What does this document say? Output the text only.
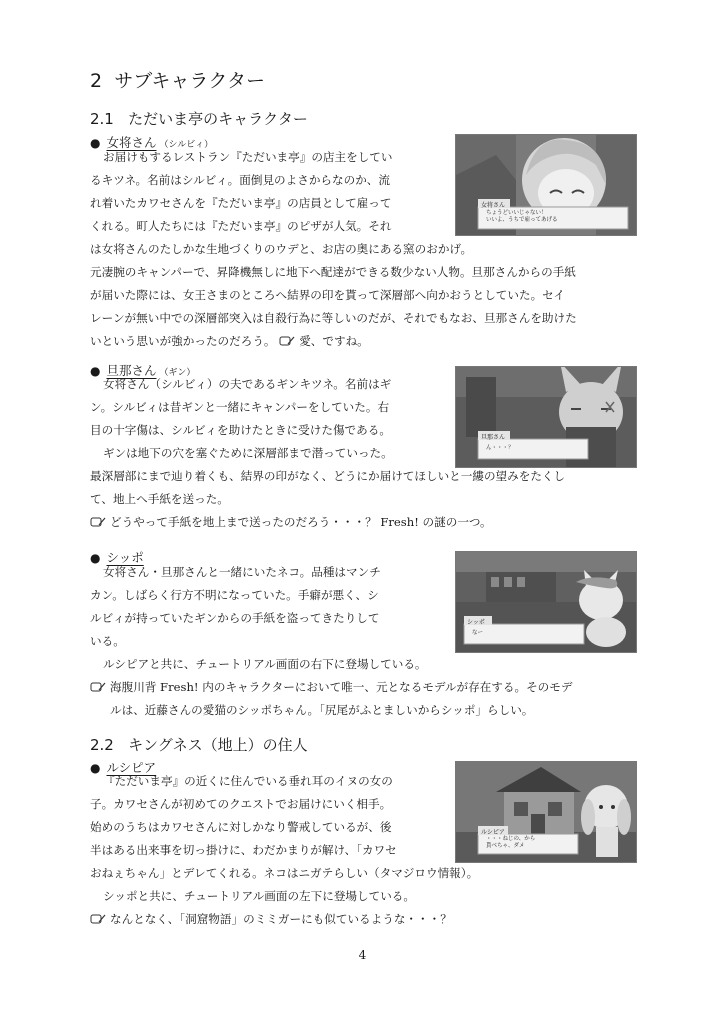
2 サブキャラクター
2.1 ただいま亭のキャラクター
● 女将さん （シルビィ）
お届けもするレストラン『ただいま亭』の店主をしてい
るキツネ。名前はシルビィ。面倒見のよさからなのか、流
れ着いたカワセさんを『ただいま亭』の店員として雇って
くれる。町人たちには『ただいま亭』のピザが人気。それ
は女将さんのたしかな生地づくりのウデと、お店の奥にある窯のおかげ。
元凄腕のキャンパーで、昇降機無しに地下へ配達ができる数少ない人物。旦那さんからの手紙
が届いた際には、女王さまのところへ結界の印を貰って深層部へ向かおうとしていた。セイ
レーンが無い中での深層部突入は自殺行為に等しいのだが、それでもなお、旦那さんを助けた
いという思いが強かったのだろう。 愛、ですね。
女将さん
ちょうどいいじゃない！
いいよ、うちで雇ってあげる
● 旦那さん （ギン）
女将さん（シルビィ）の夫であるギンキツネ。名前はギ
ン。シルビィは昔ギンと一緒にキャンパーをしていた。右
目の十字傷は、シルビィを助けたときに受けた傷である。
ギンは地下の穴を塞ぐために深層部まで潜っていった。
最深層部にまで辿り着くも、結界の印がなく、どうにか届けてほしいと一縷の望みをたくし
て、地上へ手紙を送った。
どうやって手紙を地上まで送ったのだろう・・・？ Fresh! の謎の一つ。
旦那さん
ん・・・？
● シッポ
女将さん・旦那さんと一緒にいたネコ。品種はマンチ
カン。しばらく行方不明になっていた。手癖が悪く、シ
ルビィが持っていたギンからの手紙を盗ってきたりして
いる。
ルシピアと共に、チュートリアル画面の右下に登場している。
海腹川背 Fresh! 内のキャラクターにおいて唯一、元となるモデルが存在する。そのモデ
ルは、近藤さんの愛猫のシッポちゃん。「尻尾がふとましいからシッポ」らしい。
シッポ
なー
2.2 キングネス（地上）の住人
● ルシピア
『ただいま亭』の近くに住んでいる垂れ耳のイヌの女の
子。カワセさんが初めてのクエストでお届けにいく相手。
始めのうちはカワセさんに対しかなり警戒しているが、後
半はある出来事を切っ掛けに、わだかまりが解け、「カワセ
おねぇちゃん」とデレてくれる。ネコはニガテらしい（タマジロウ情報）。
シッポと共に、チュートリアル画面の左下に登場している。
なんとなく、「洞窟物語」のミミガーにも似ているような・・・？
ルシピア
・・・ねじの、から
貰べちゃ、ダメ
4
